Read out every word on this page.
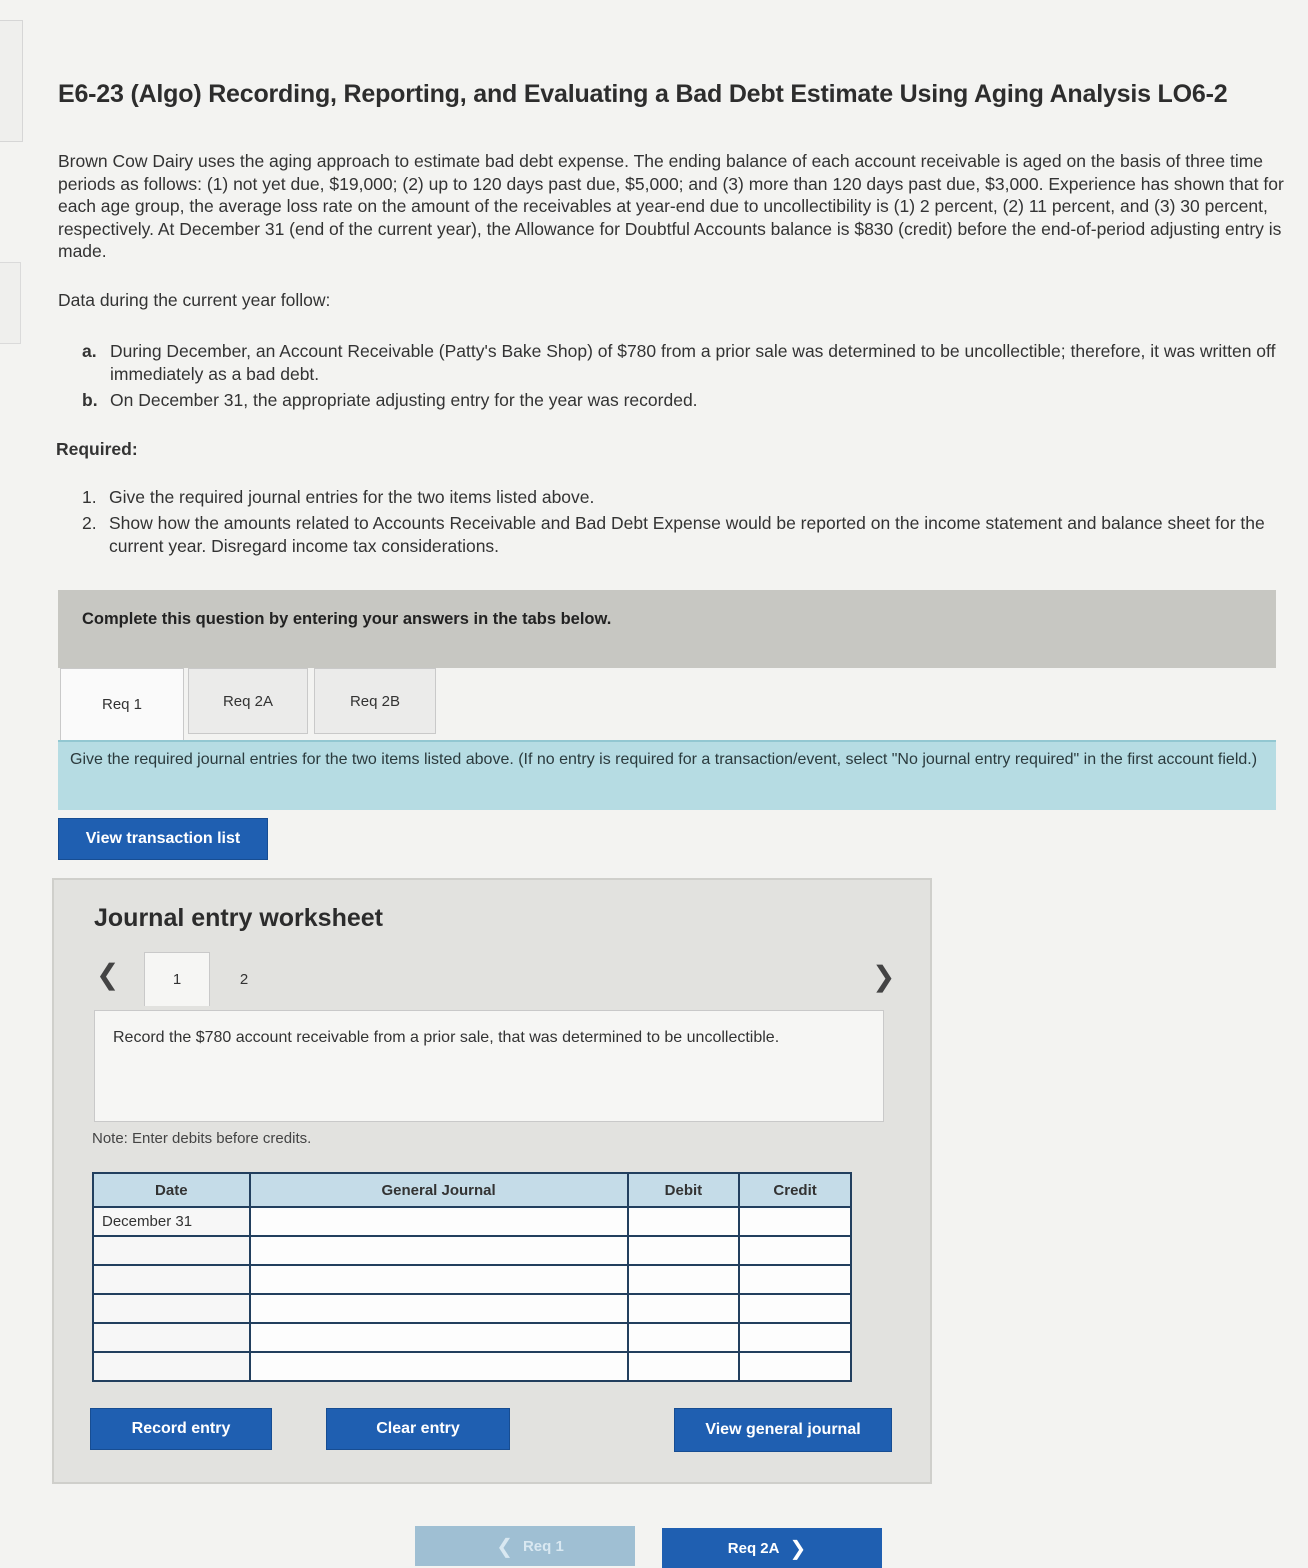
E6-23 (Algo) Recording, Reporting, and Evaluating a Bad Debt Estimate Using Aging Analysis LO6-2

Brown Cow Dairy uses the aging approach to estimate bad debt expense. The ending balance of each account receivable is aged on the basis of three time periods as follows: (1) not yet due, $19,000; (2) up to 120 days past due, $5,000; and (3) more than 120 days past due, $3,000. Experience has shown that for each age group, the average loss rate on the amount of the receivables at year-end due to uncollectibility is (1) 2 percent, (2) 11 percent, and (3) 30 percent, respectively. At December 31 (end of the current year), the Allowance for Doubtful Accounts balance is $830 (credit) before the end-of-period adjusting entry is made.

Data during the current year follow:

a. During December, an Account Receivable (Patty's Bake Shop) of $780 from a prior sale was determined to be uncollectible; therefore, it was written off immediately as a bad debt.
b. On December 31, the appropriate adjusting entry for the year was recorded.

Required:

1. Give the required journal entries for the two items listed above.
2. Show how the amounts related to Accounts Receivable and Bad Debt Expense would be reported on the income statement and balance sheet for the current year. Disregard income tax considerations.
Complete this question by entering your answers in the tabs below.
Req 1	Req 2A	Req 2B
Give the required journal entries for the two items listed above. (If no entry is required for a transaction/event, select "No journal entry required" in the first account field.)
View transaction list
Journal entry worksheet
❮	1	2	❯
Record the $780 account receivable from a prior sale, that was determined to be uncollectible.
Note: Enter debits before credits.
Date	General Journal	Debit	Credit
December 31			

Record entry	Clear entry	View general journal
❮ Req 1	Req 2A ❯
